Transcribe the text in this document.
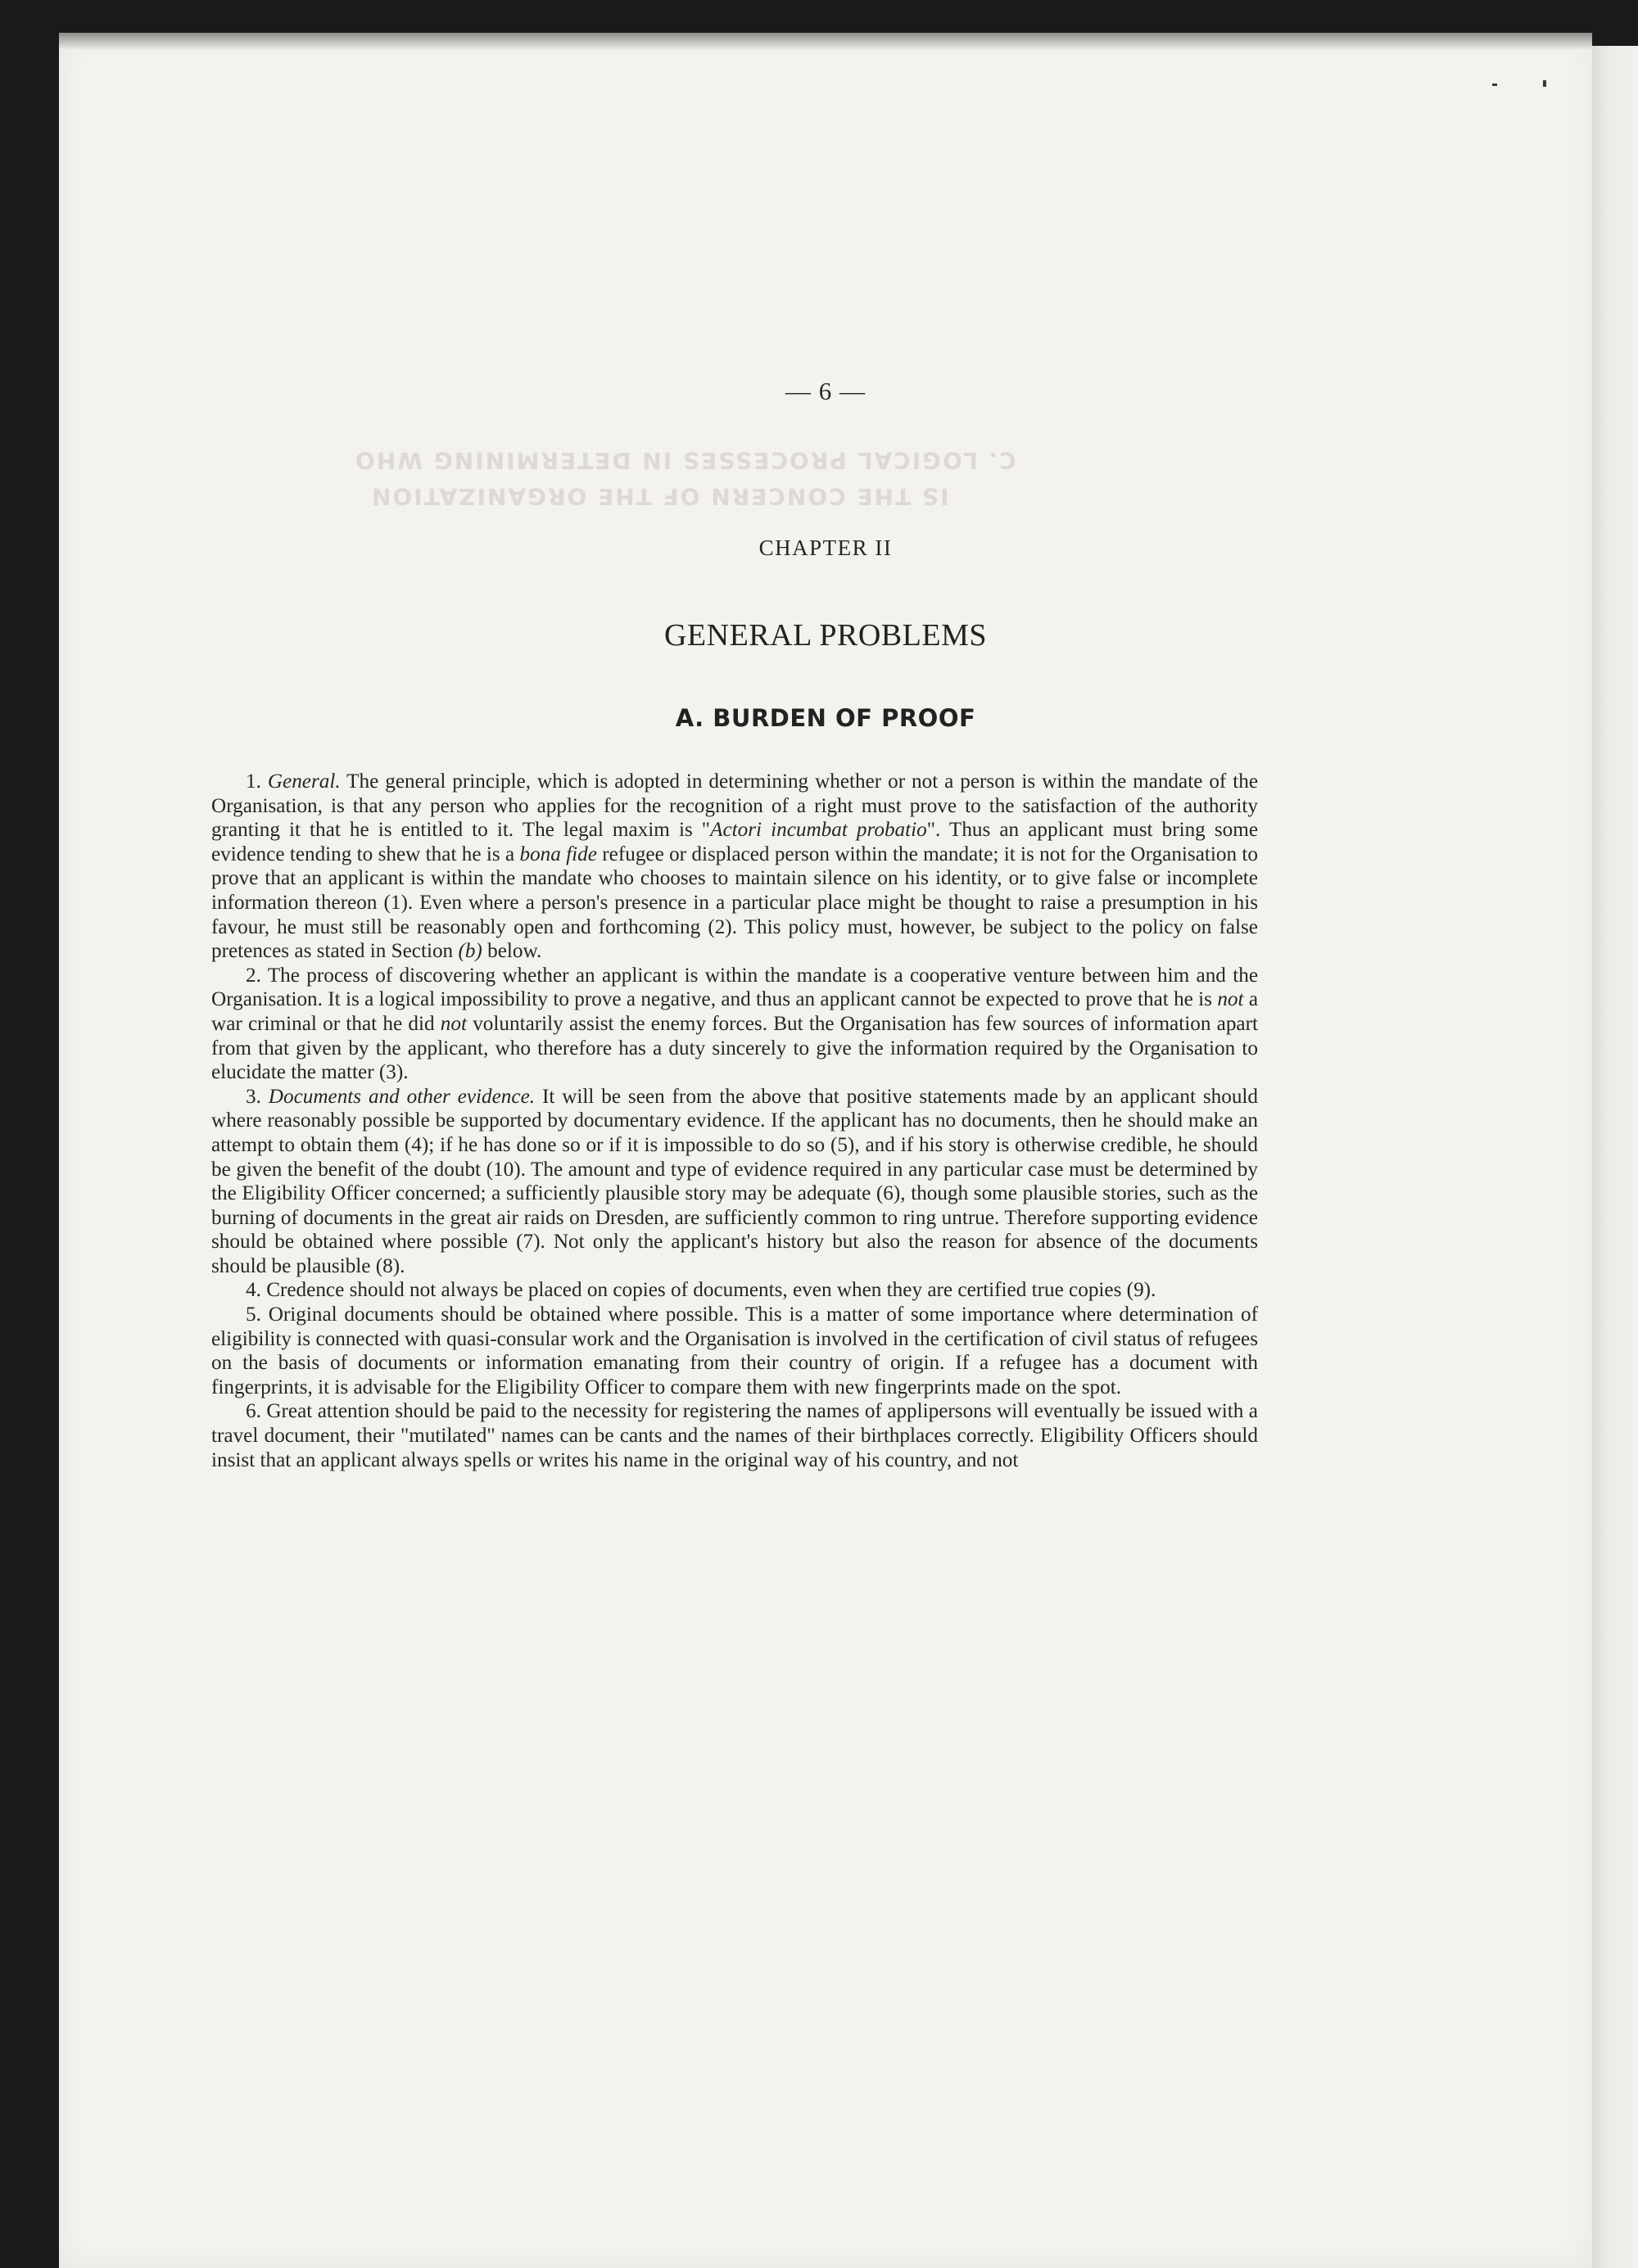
C. LOGICAL PROCESSES IN DETERMINING WHO
IS THE CONCERN OF THE ORGANIZATION
— 6 —
CHAPTER II
GENERAL PROBLEMS
A. BURDEN OF PROOF

1. General. The general principle, which is adopted in determining whether or not a person is within the mandate of the Organisation, is that any person who applies for the recognition of a right must prove to the satisfaction of the authority granting it that he is entitled to it. The legal maxim is "Actori incumbat probatio". Thus an applicant must bring some evidence tending to shew that he is a bona fide refugee or displaced person within the mandate; it is not for the Organisation to prove that an applicant is within the mandate who chooses to maintain silence on his identity, or to give false or incomplete information thereon (1). Even where a person's presence in a particular place might be thought to raise a presumption in his favour, he must still be reasonably open and forthcoming (2). This policy must, however, be subject to the policy on false pretences as stated in Section (b) below.

2. The process of discovering whether an applicant is within the mandate is a cooperative venture between him and the Organisation. It is a logical impossibility to prove a negative, and thus an applicant cannot be expected to prove that he is not a war criminal or that he did not voluntarily assist the enemy forces. But the Organisation has few sources of information apart from that given by the applicant, who therefore has a duty sincerely to give the information required by the Organisation to elucidate the matter (3).

3. Documents and other evidence. It will be seen from the above that positive statements made by an applicant should where reasonably possible be supported by documentary evidence. If the applicant has no documents, then he should make an attempt to obtain them (4); if he has done so or if it is impossible to do so (5), and if his story is otherwise credible, he should be given the benefit of the doubt (10). The amount and type of evidence required in any particular case must be determined by the Eligibility Officer concerned; a sufficiently plausible story may be adequate (6), though some plausible stories, such as the burning of documents in the great air raids on Dresden, are sufficiently common to ring untrue. Therefore supporting evidence should be obtained where possible (7). Not only the applicant's history but also the reason for absence of the documents should be plausible (8).

4. Credence should not always be placed on copies of documents, even when they are certified true copies (9).

5. Original documents should be obtained where possible. This is a matter of some importance where determination of eligibility is connected with quasi-consular work and the Organisation is involved in the certification of civil status of refugees on the basis of documents or information emanating from their country of origin. If a refugee has a document with fingerprints, it is advisable for the Eligibility Officer to compare them with new fingerprints made on the spot.

6. Great attention should be paid to the necessity for registering the names of applipersons will eventually be issued with a travel document, their "mutilated" names can be cants and the names of their birthplaces correctly. Eligibility Officers should insist that an applicant always spells or writes his name in the original way of his country, and not
